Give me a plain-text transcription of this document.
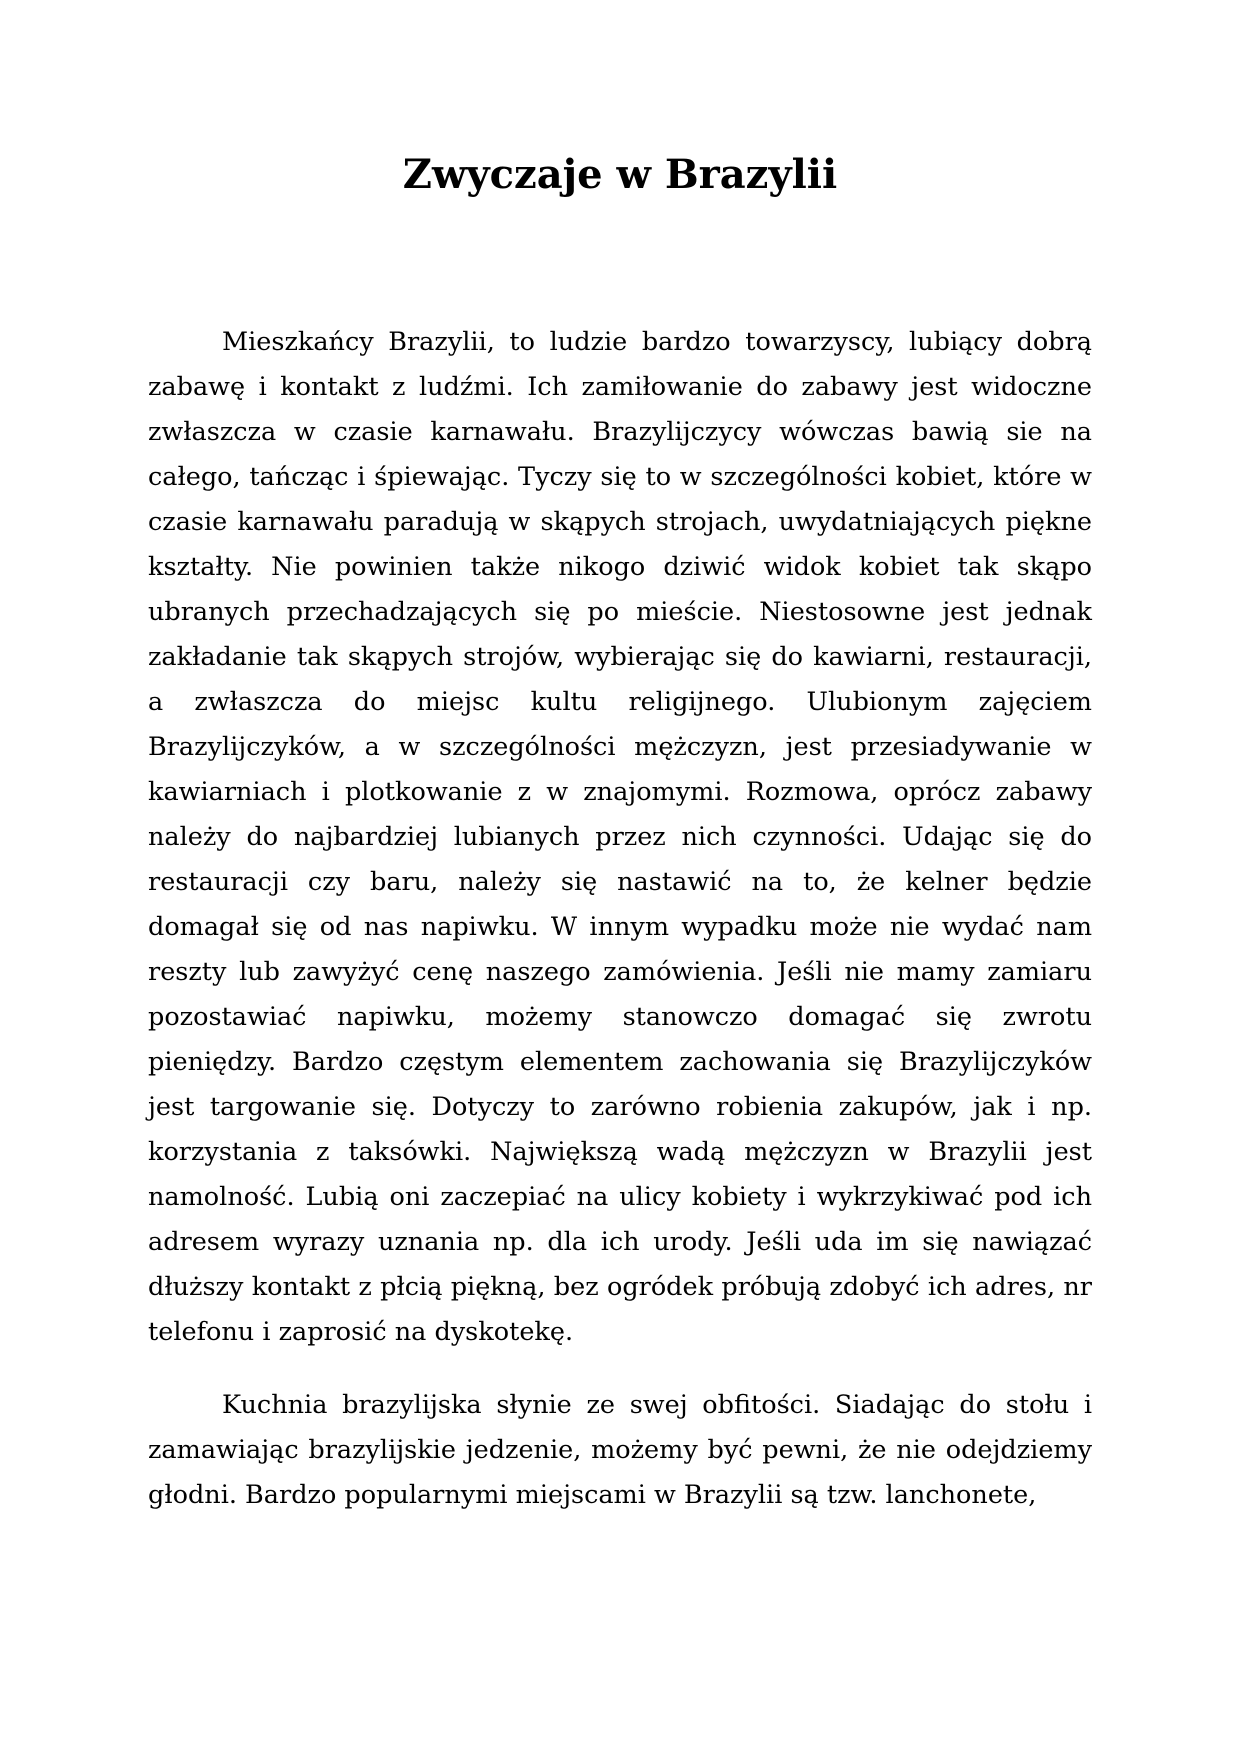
Zwyczaje w Brazylii

Mieszkańcy Brazylii, to ludzie bardzo towarzyscy, lubiący dobrą zabawę i kontakt z ludźmi. Ich zamiłowanie do zabawy jest widoczne zwłaszcza w czasie karnawału. Brazylijczycy wówczas bawią sie na całego, tańcząc i śpiewając. Tyczy się to w szczególności kobiet, które w czasie karnawału paradują w skąpych strojach, uwydatniających piękne kształty. Nie powinien także nikogo dziwić widok kobiet tak skąpo ubranych przechadzających się po mieście. Niestosowne jest jednak zakładanie tak skąpych strojów, wybierając się do kawiarni, restauracji, a zwłaszcza do miejsc kultu religijnego. Ulubionym zajęciem Brazylijczyków, a w szczególności mężczyzn, jest przesiadywanie w kawiarniach i plotkowanie z w znajomymi. Rozmowa, oprócz zabawy należy do najbardziej lubianych przez nich czynności. Udając się do restauracji czy baru, należy się nastawić na to, że kelner będzie domagał się od nas napiwku. W innym wypadku może nie wydać nam reszty lub zawyżyć cenę naszego zamówienia. Jeśli nie mamy zamiaru pozostawiać napiwku, możemy stanowczo domagać się zwrotu pieniędzy. Bardzo częstym elementem zachowania się Brazylijczyków jest targowanie się. Dotyczy to zarówno robienia zakupów, jak i np. korzystania z taksówki. Największą wadą mężczyzn w Brazylii jest namolność. Lubią oni zaczepiać na ulicy kobiety i wykrzykiwać pod ich adresem wyrazy uznania np. dla ich urody. Jeśli uda im się nawiązać dłuższy kontakt z płcią piękną, bez ogródek próbują zdobyć ich adres, nr telefonu i zaprosić na dyskotekę.

Kuchnia brazylijska słynie ze swej obfitości. Siadając do stołu i zamawiając brazylijskie jedzenie, możemy być pewni, że nie odejdziemy głodni. Bardzo popularnymi miejscami w Brazylii są tzw. lanchonete,
